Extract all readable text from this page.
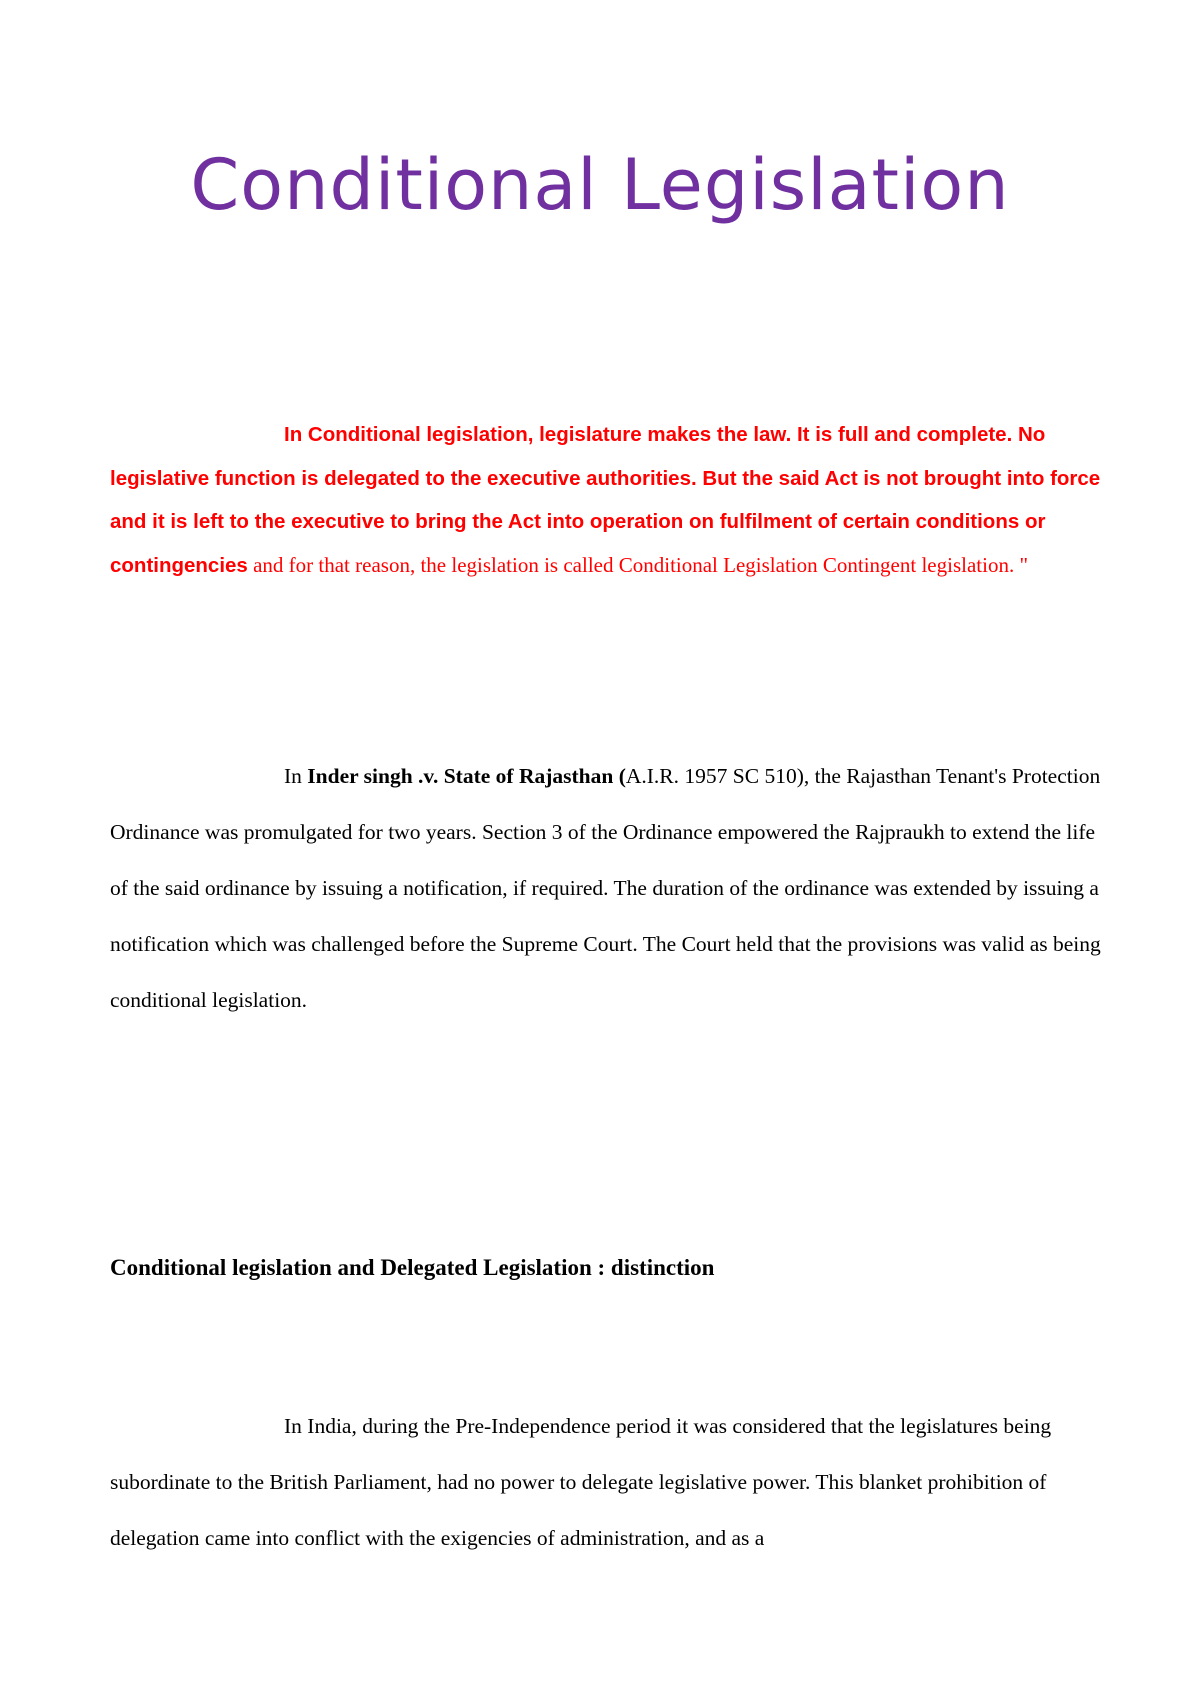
Conditional Legislation

In Conditional legislation, legislature makes the law. It is full and complete. No legislative function is delegated to the executive authorities. But the said Act is not brought into force and it is left to the executive to bring the Act into operation on fulfilment of certain conditions or contingencies and for that reason, the legislation is called Conditional Legislation Contingent legislation. "

In Inder singh .v. State of Rajasthan (A.I.R. 1957 SC 510), the Rajasthan Tenant's Protection Ordinance was promulgated for two years. Section 3 of the Ordinance empowered the Rajpraukh to extend the life of the said ordinance by issuing a notification, if required. The duration of the ordinance was extended by issuing a notification which was challenged before the Supreme Court. The Court held that the provisions was valid as being conditional legislation.

Conditional legislation and Delegated Legislation : distinction

In India, during the Pre-Independence period it was considered that the legislatures being subordinate to the British Parliament, had no power to delegate legislative power. This blanket prohibition of delegation came into conflict with the exigencies of administration, and as a
